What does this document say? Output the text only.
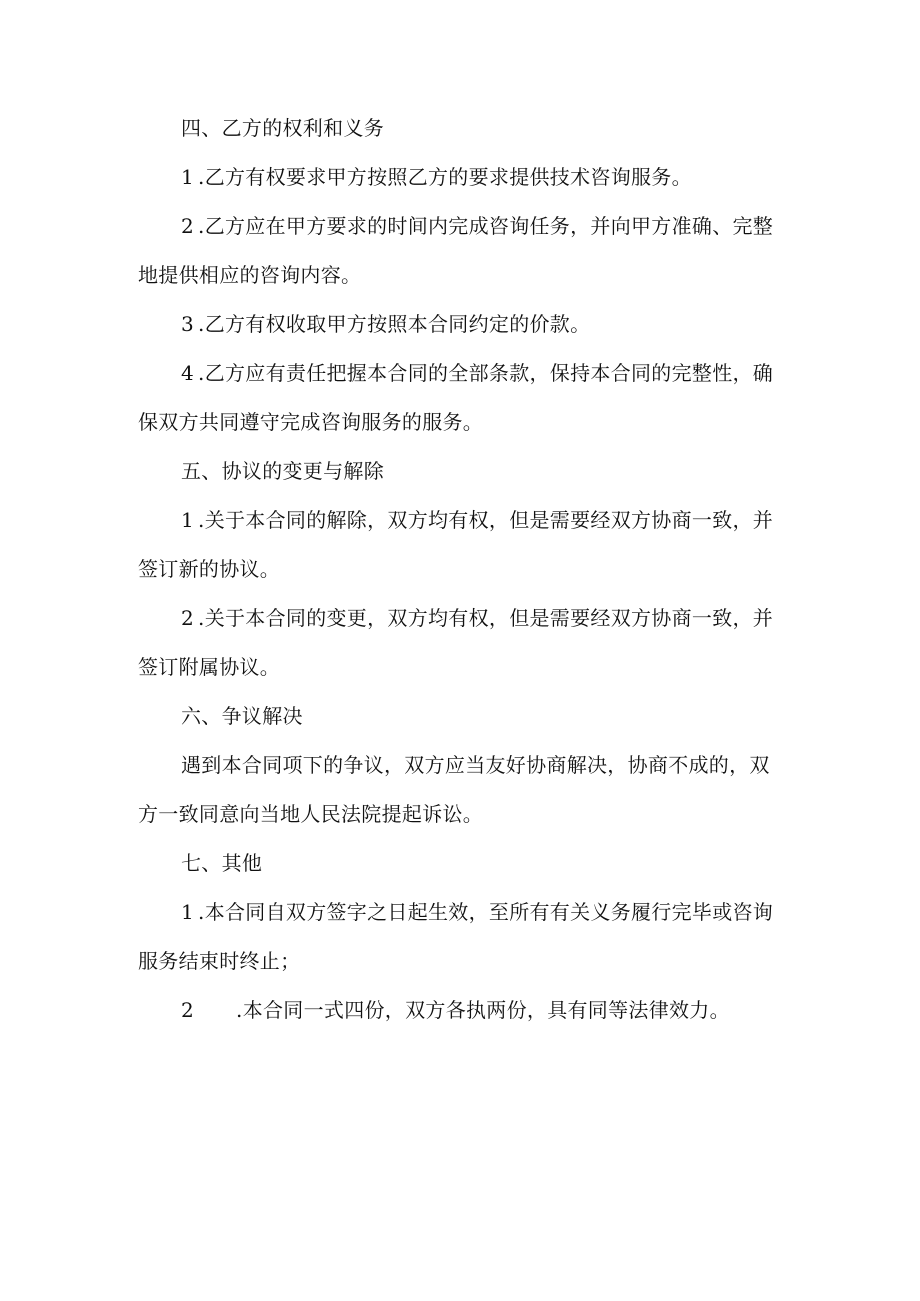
四、乙方的权利和义务

1 .乙方有权要求甲方按照乙方的要求提供技术咨询服务。

2 .乙方应在甲方要求的时间内完成咨询任务，并向甲方准确、完整地提供相应的咨询内容。

3 .乙方有权收取甲方按照本合同约定的价款。

4 .乙方应有责任把握本合同的全部条款，保持本合同的完整性，确保双方共同遵守完成咨询服务的服务。

五、协议的变更与解除

1 .关于本合同的解除，双方均有权，但是需要经双方协商一致，并签订新的协议。

2 .关于本合同的变更，双方均有权，但是需要经双方协商一致，并签订附属协议。

六、争议解决

遇到本合同项下的争议，双方应当友好协商解决，协商不成的，双方一致同意向当地人民法院提起诉讼。

七、其他

1 .本合同自双方签字之日起生效，至所有有关义务履行完毕或咨询服务结束时终止；

2 .本合同一式四份，双方各执两份，具有同等法律效力。
